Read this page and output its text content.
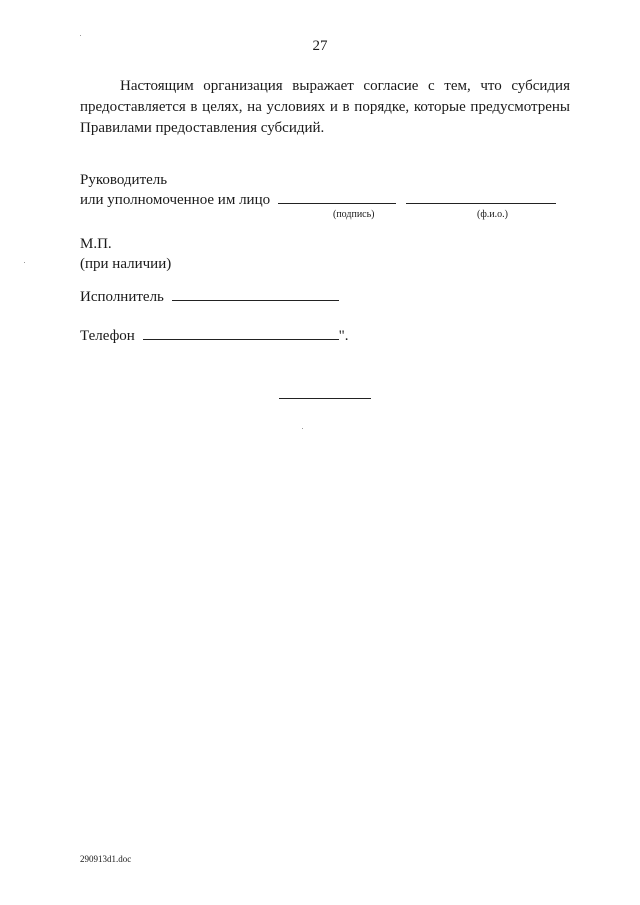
27

Настоящим организация выражает согласие с тем, что субсидия предоставляется в целях, на условиях и в порядке, которые предусмотрены Правилами предоставления субсидий.

Руководитель
или уполномоченное им лицо
(подпись)	(ф.и.о.)
М.П.
(при наличии)
Исполнитель
Телефон	".
290913d1.doc
